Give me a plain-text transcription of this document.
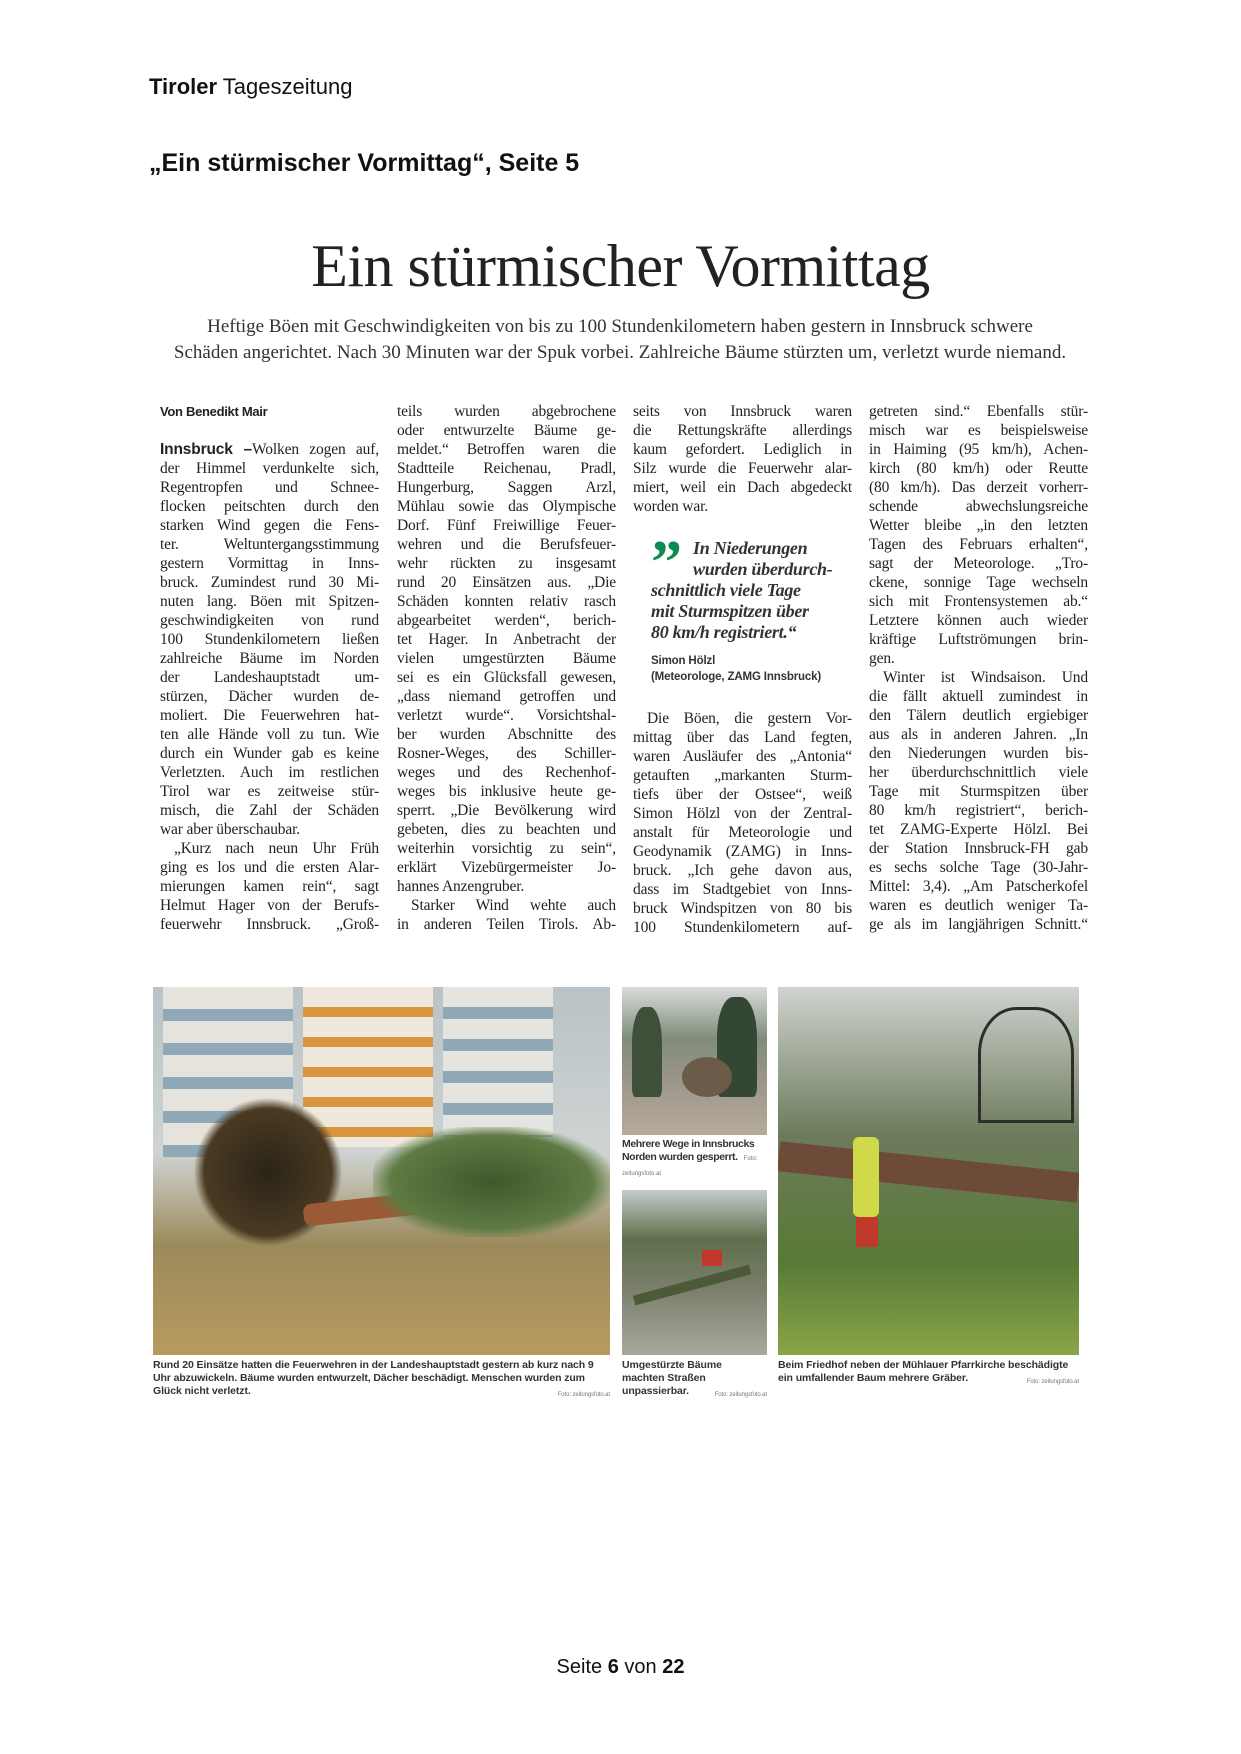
Tiroler Tageszeitung
„Ein stürmischer Vormittag“, Seite 5
Ein stürmischer Vormittag
Heftige Böen mit Geschwindigkeiten von bis zu 100 Stundenkilometern haben gestern in Innsbruck schwere
Schäden angerichtet. Nach 30 Minuten war der Spuk vorbei. Zahlreiche Bäume stürzten um, verletzt wurde niemand.
Von Benedikt Mair
Innsbruck –Wolken zogen auf,
der Himmel verdunkelte sich,
Regentropfen und Schnee-
flocken peitschten durch den
starken Wind gegen die Fens-
ter. Weltuntergangsstimmung
gestern Vormittag in Inns-
bruck. Zumindest rund 30 Mi-
nuten lang. Böen mit Spitzen-
geschwindigkeiten von rund
100 Stundenkilometern ließen
zahlreiche Bäume im Norden
der Landeshauptstadt um-
stürzen, Dächer wurden de-
moliert. Die Feuerwehren hat-
ten alle Hände voll zu tun. Wie
durch ein Wunder gab es keine
Verletzten. Auch im restlichen
Tirol war es zeitweise stür-
misch, die Zahl der Schäden
war aber überschaubar.
„Kurz nach neun Uhr Früh
ging es los und die ersten Alar-
mierungen kamen rein“, sagt
Helmut Hager von der Berufs-
feuerwehr Innsbruck. „Groß-
teils wurden abgebrochene
oder entwurzelte Bäume ge-
meldet.“ Betroffen waren die
Stadtteile Reichenau, Pradl,
Hungerburg, Saggen Arzl,
Mühlau sowie das Olympische
Dorf. Fünf Freiwillige Feuer-
wehren und die Berufsfeuer-
wehr rückten zu insgesamt
rund 20 Einsätzen aus. „Die
Schäden konnten relativ rasch
abgearbeitet werden“, berich-
tet Hager. In Anbetracht der
vielen umgestürzten Bäume
sei es ein Glücksfall gewesen,
„dass niemand getroffen und
verletzt wurde“. Vorsichtshal-
ber wurden Abschnitte des
Rosner-Weges, des Schiller-
weges und des Rechenhof-
weges bis inklusive heute ge-
sperrt. „Die Bevölkerung wird
gebeten, dies zu beachten und
weiterhin vorsichtig zu sein“,
erklärt Vizebürgermeister Jo-
hannes Anzengruber.
Starker Wind wehte auch
in anderen Teilen Tirols. Ab-
seits von Innsbruck waren
die Rettungskräfte allerdings
kaum gefordert. Lediglich in
Silz wurde die Feuerwehr alar-
miert, weil ein Dach abgedeckt
worden war.
” In Niederungen
wurden überdurch-
schnittlich viele Tage
mit Sturmspitzen über
80 km/h registriert.“
Simon Hölzl
(Meteorologe, ZAMG Innsbruck)
Die Böen, die gestern Vor-
mittag über das Land fegten,
waren Ausläufer des „Antonia“
getauften „markanten Sturm-
tiefs über der Ostsee“, weiß
Simon Hölzl von der Zentral-
anstalt für Meteorologie und
Geodynamik (ZAMG) in Inns-
bruck. „Ich gehe davon aus,
dass im Stadtgebiet von Inns-
bruck Windspitzen von 80 bis
100 Stundenkilometern auf-
getreten sind.“ Ebenfalls stür-
misch war es beispielsweise
in Haiming (95 km/h), Achen-
kirch (80 km/h) oder Reutte
(80 km/h). Das derzeit vorherr-
schende abwechslungsreiche
Wetter bleibe „in den letzten
Tagen des Februars erhalten“,
sagt der Meteorologe. „Tro-
ckene, sonnige Tage wechseln
sich mit Frontensystemen ab.“
Letztere können auch wieder
kräftige Luftströmungen brin-
gen.
Winter ist Windsaison. Und
die fällt aktuell zumindest in
den Tälern deutlich ergiebiger
aus als in anderen Jahren. „In
den Niederungen wurden bis-
her überdurchschnittlich viele
Tage mit Sturmspitzen über
80 km/h registriert“, berich-
tet ZAMG-Experte Hölzl. Bei
der Station Innsbruck-FH gab
es sechs solche Tage (30-Jahr-
Mittel: 3,4). „Am Patscherkofel
waren es deutlich weniger Ta-
ge als im langjährigen Schnitt.“
Rund 20 Einsätze hatten die Feuerwehren in der Landeshauptstadt gestern ab kurz nach 9 Uhr abzuwickeln. Bäume wurden entwurzelt, Dächer beschädigt. Menschen wurden zum Glück nicht verletzt.	Foto: zeitungsfoto.at
Mehrere Wege in Innsbrucks Norden wurden gesperrt. Foto: zeitungsfoto.at
Umgestürzte Bäume machten Straßen unpassierbar.	Foto: zeitungsfoto.at
Beim Friedhof neben der Mühlauer Pfarrkirche beschädigte ein umfallender Baum mehrere Gräber.	Foto: zeitungsfoto.at
Seite 6 von 22
